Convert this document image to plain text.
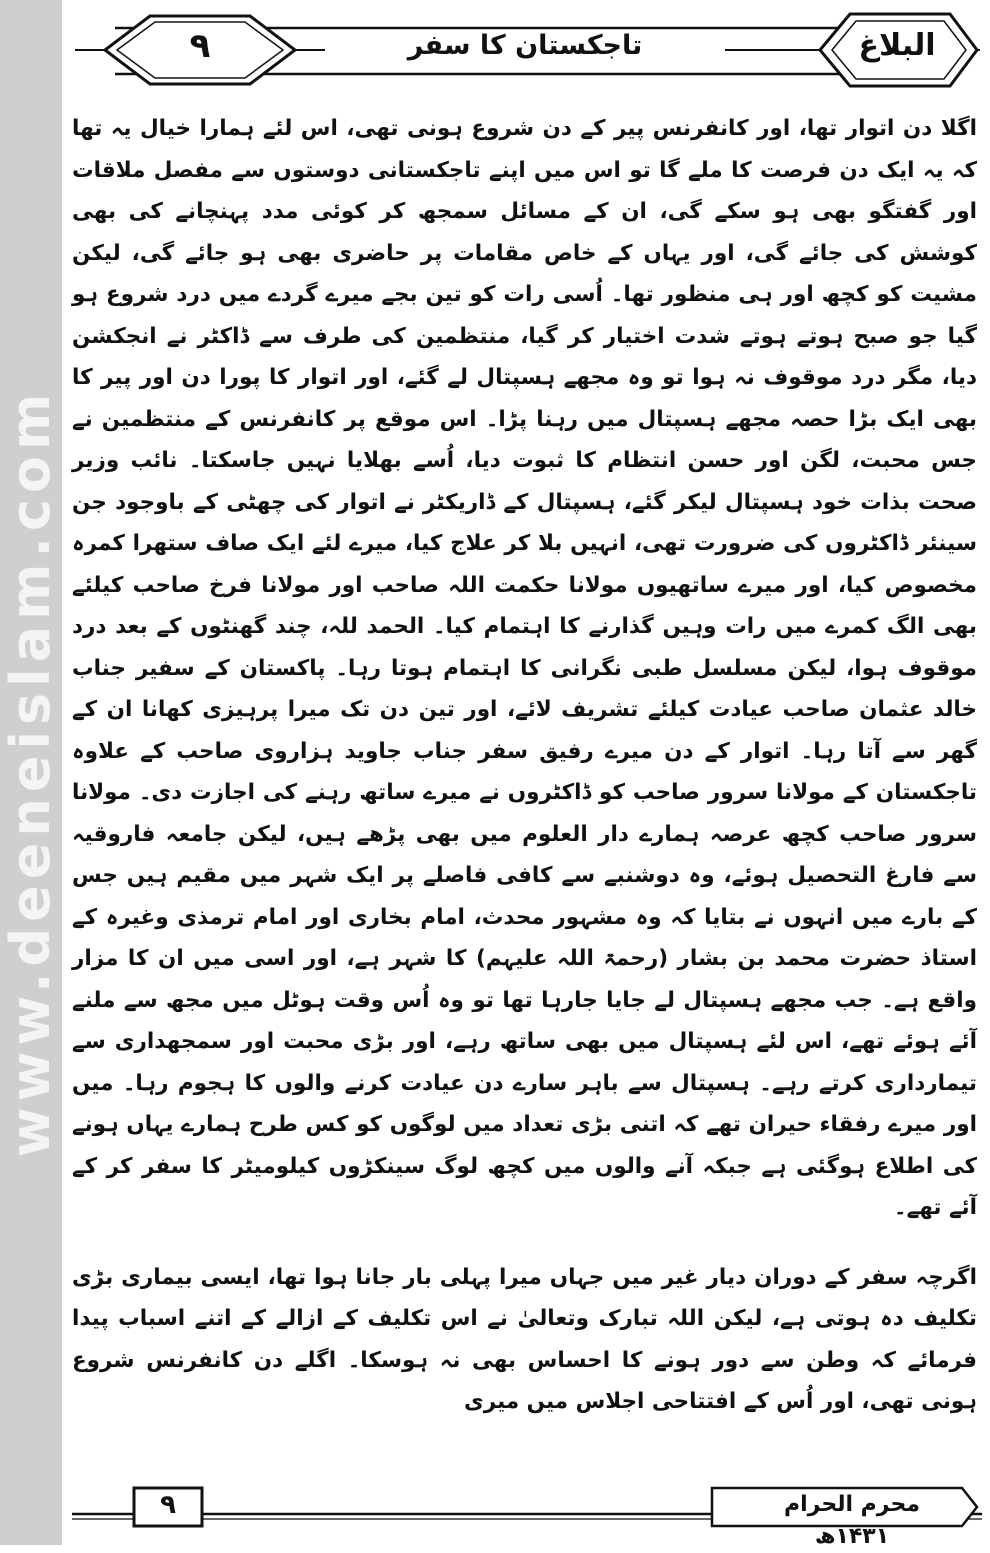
www.deeneislam.com
۹	تاجکستان کا سفر	البلاغ

اگلا دن اتوار تھا، اور کانفرنس پیر کے دن شروع ہونی تھی، اس لئے ہمارا خیال یہ تھا کہ یہ ایک دن فرصت کا ملے گا تو اس میں اپنے تاجکستانی دوستوں سے مفصل ملاقات اور گفتگو بھی ہو سکے گی، ان کے مسائل سمجھ کر کوئی مدد پہنچانے کی بھی کوشش کی جائے گی، اور یہاں کے خاص مقامات پر حاضری بھی ہو جائے گی، لیکن مشیت کو کچھ اور ہی منظور تھا۔ اُسی رات کو تین بجے میرے گردے میں درد شروع ہو گیا جو صبح ہوتے ہوتے شدت اختیار کر گیا، منتظمین کی طرف سے ڈاکٹر نے انجکشن دیا، مگر درد موقوف نہ ہوا تو وہ مجھے ہسپتال لے گئے، اور اتوار کا پورا دن اور پیر کا بھی ایک بڑا حصہ مجھے ہسپتال میں رہنا پڑا۔ اس موقع پر کانفرنس کے منتظمین نے جس محبت، لگن اور حسن انتظام کا ثبوت دیا، اُسے بھلایا نہیں جاسکتا۔ نائب وزیر صحت بذات خود ہسپتال لیکر گئے، ہسپتال کے ڈاریکٹر نے اتوار کی چھٹی کے باوجود جن سینئر ڈاکٹروں کی ضرورت تھی، انہیں بلا کر علاج کیا، میرے لئے ایک صاف ستھرا کمرہ مخصوص کیا، اور میرے ساتھیوں مولانا حکمت اللہ صاحب اور مولانا فرخ صاحب کیلئے بھی الگ کمرے میں رات وہیں گذارنے کا اہتمام کیا۔ الحمد للہ، چند گھنٹوں کے بعد درد موقوف ہوا، لیکن مسلسل طبی نگرانی کا اہتمام ہوتا رہا۔ پاکستان کے سفیر جناب خالد عثمان صاحب عیادت کیلئے تشریف لائے، اور تین دن تک میرا پرہیزی کھانا ان کے گھر سے آتا رہا۔ اتوار کے دن میرے رفیق سفر جناب جاوید ہزاروی صاحب کے علاوہ تاجکستان کے مولانا سرور صاحب کو ڈاکٹروں نے میرے ساتھ رہنے کی اجازت دی۔ مولانا سرور صاحب کچھ عرصہ ہمارے دار العلوم میں بھی پڑھے ہیں، لیکن جامعہ فاروقیہ سے فارغ التحصیل ہوئے، وہ دوشنبے سے کافی فاصلے پر ایک شہر میں مقیم ہیں جس کے بارے میں انہوں نے بتایا کہ وہ مشہور محدث، امام بخاری اور امام ترمذی وغیرہ کے استاذ حضرت محمد بن بشار (رحمۃ اللہ علیہم) کا شہر ہے، اور اسی میں ان کا مزار واقع ہے۔ جب مجھے ہسپتال لے جایا جارہا تھا تو وہ اُس وقت ہوٹل میں مجھ سے ملنے آئے ہوئے تھے، اس لئے ہسپتال میں بھی ساتھ رہے، اور بڑی محبت اور سمجھداری سے تیمارداری کرتے رہے۔ ہسپتال سے باہر سارے دن عیادت کرنے والوں کا ہجوم رہا۔ میں اور میرے رفقاء حیران تھے کہ اتنی بڑی تعداد میں لوگوں کو کس طرح ہمارے یہاں ہونے کی اطلاع ہوگئی ہے جبکہ آنے والوں میں کچھ لوگ سینکڑوں کیلومیٹر کا سفر کر کے آئے تھے۔

اگرچہ سفر کے دوران دیار غیر میں جہاں میرا پہلی بار جانا ہوا تھا، ایسی بیماری بڑی تکلیف دہ ہوتی ہے، لیکن اللہ تبارک وتعالیٰ نے اس تکلیف کے ازالے کے اتنے اسباب پیدا فرمائے کہ وطن سے دور ہونے کا احساس بھی نہ ہوسکا۔ اگلے دن کانفرنس شروع ہونی تھی، اور اُس کے افتتاحی اجلاس میں میری

۹	محرم الحرام ۱۴۳۱ھ
